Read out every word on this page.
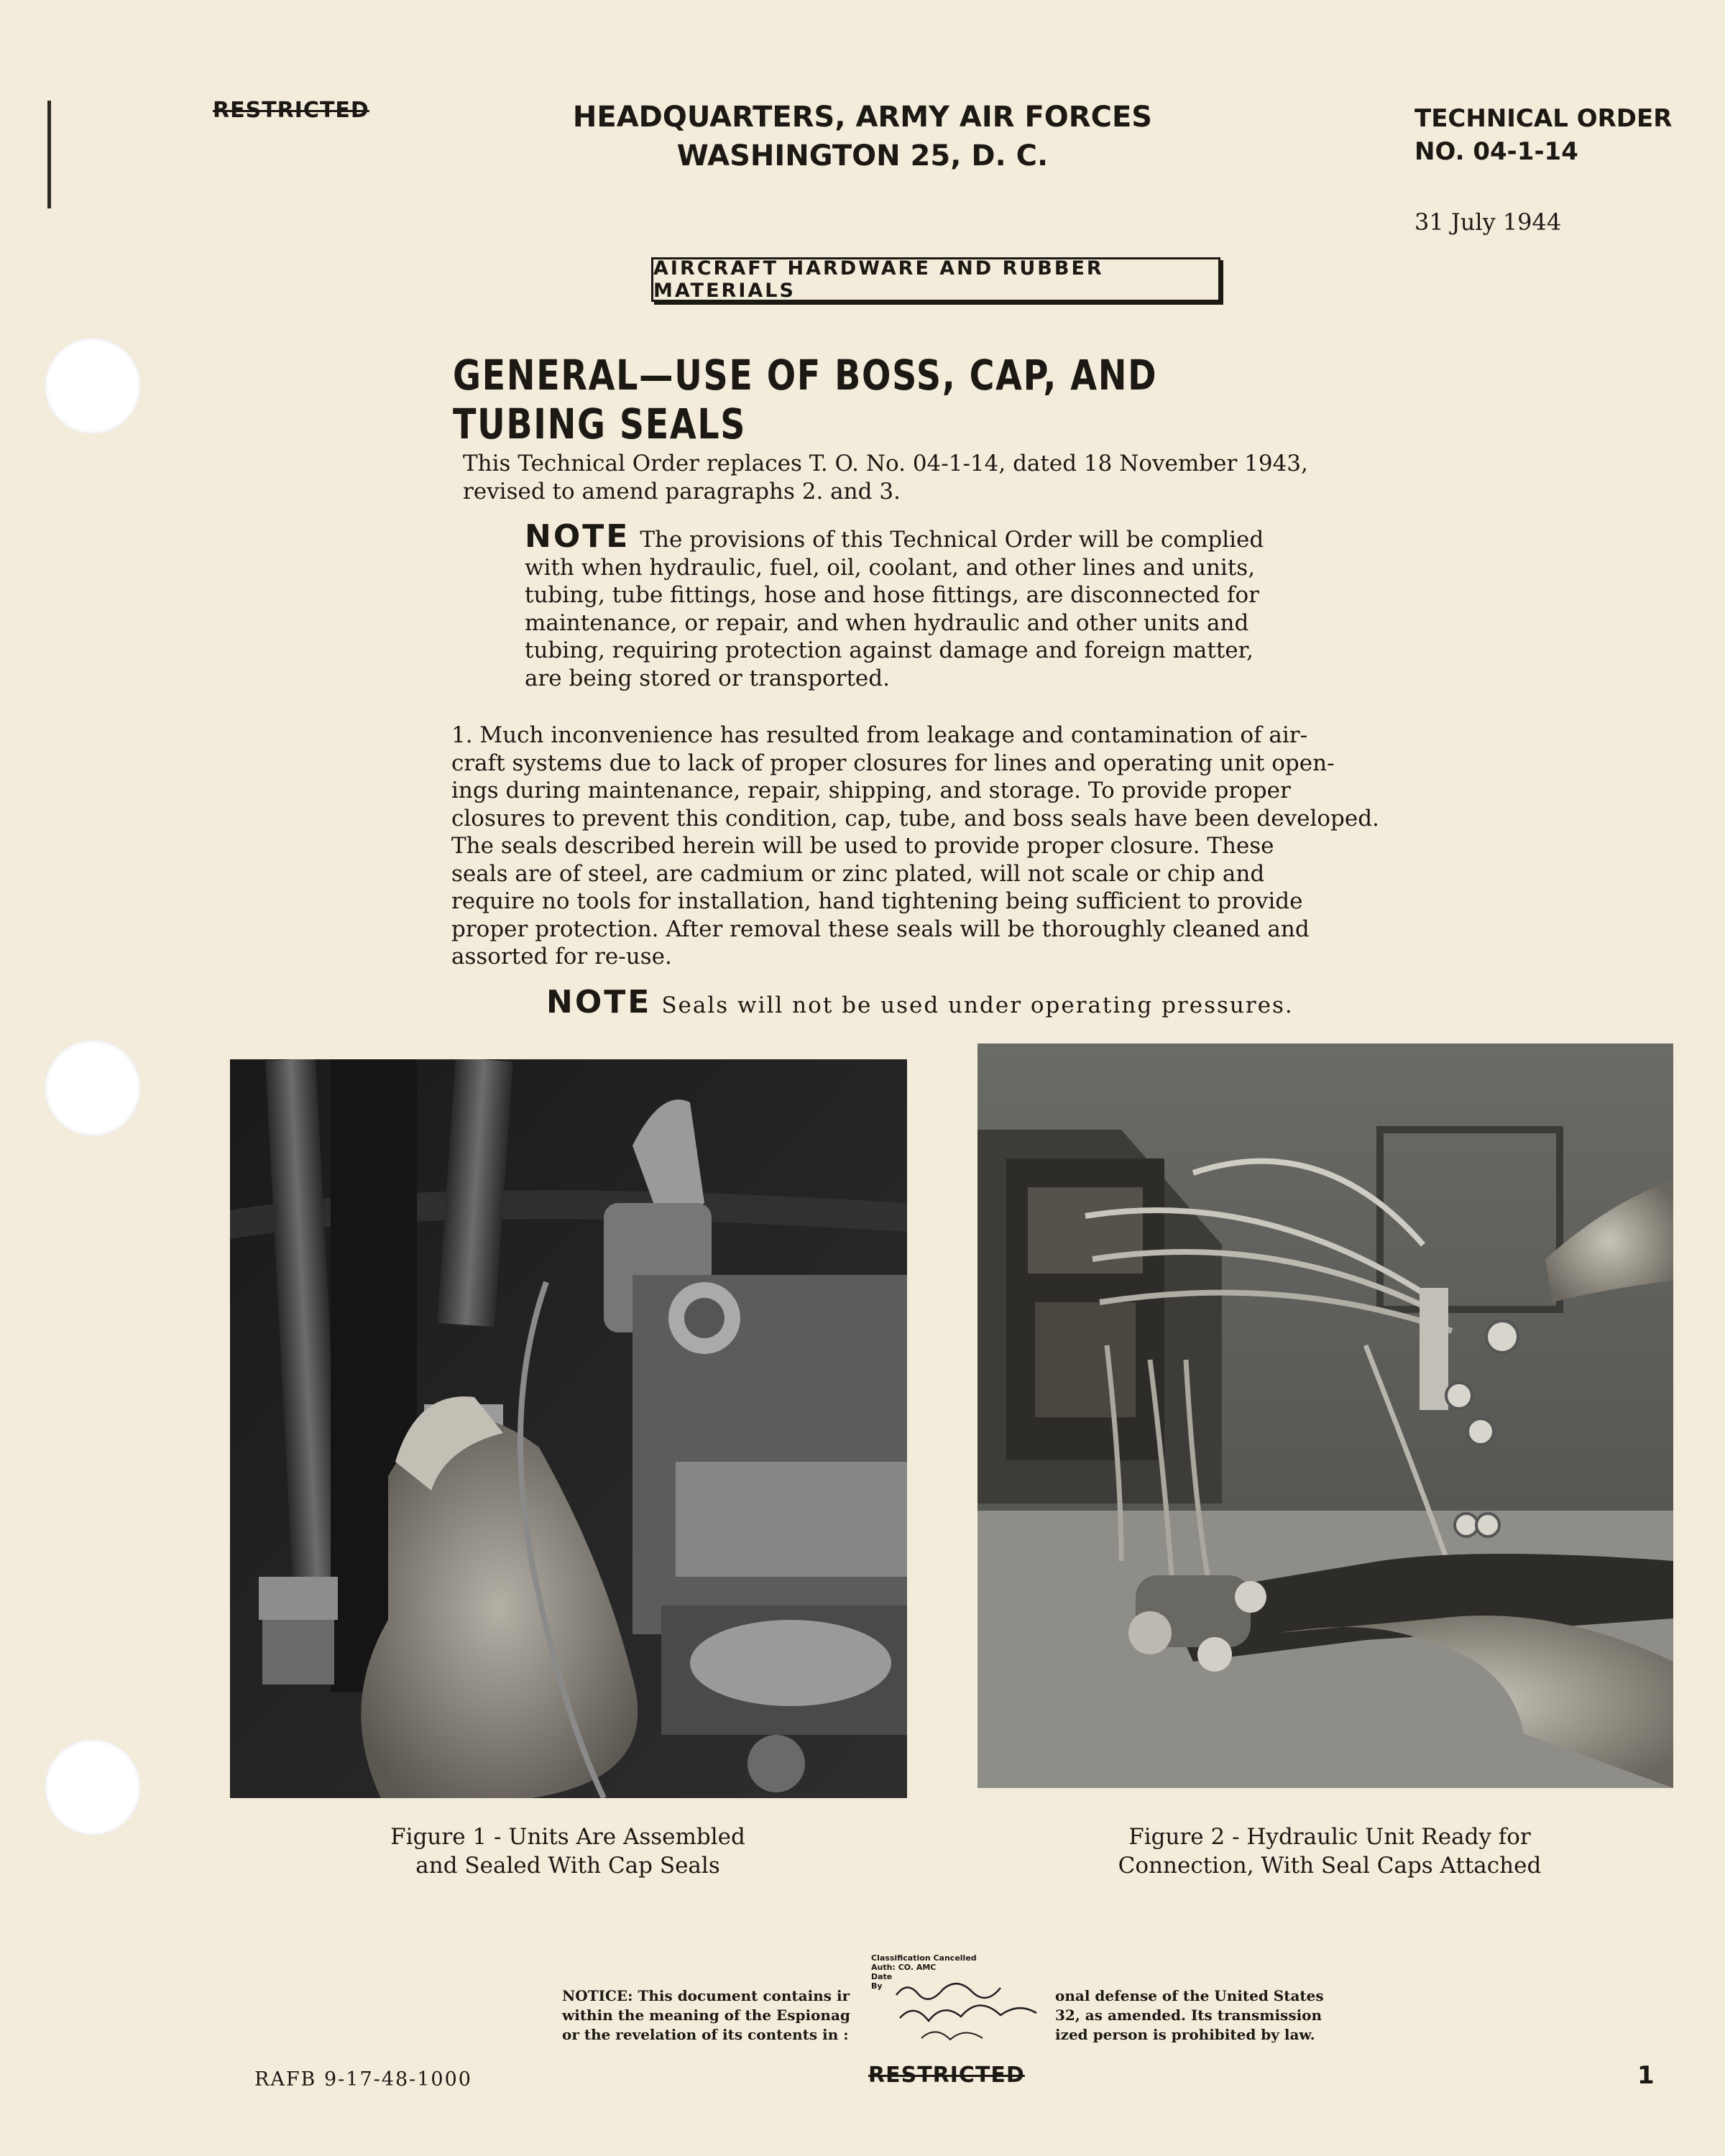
RESTRICTED	HEADQUARTERS, ARMY AIR FORCES
WASHINGTON 25, D. C.
TECHNICAL ORDER
NO. 04-1-14
31 July 1944
AIRCRAFT HARDWARE AND RUBBER MATERIALS
GENERAL—USE OF BOSS, CAP, AND TUBING SEALS
This Technical Order replaces T. O. No. 04-1-14, dated 18 November 1943,
revised to amend paragraphs 2. and 3.
NOTE The provisions of this Technical Order will be complied
with when hydraulic, fuel, oil, coolant, and other lines and units,
tubing, tube fittings, hose and hose fittings, are disconnected for
maintenance, or repair, and when hydraulic and other units and
tubing, requiring protection against damage and foreign matter,
are being stored or transported.
1. Much inconvenience has resulted from leakage and contamination of air-
craft systems due to lack of proper closures for lines and operating unit open-
ings during maintenance, repair, shipping, and storage. To provide proper
closures to prevent this condition, cap, tube, and boss seals have been developed.
The seals described herein will be used to provide proper closure. These
seals are of steel, are cadmium or zinc plated, will not scale or chip and
require no tools for installation, hand tightening being sufficient to provide
proper protection. After removal these seals will be thoroughly cleaned and
assorted for re-use.
NOTE Seals will not be used under operating pressures.
Figure 1 - Units Are Assembled
and Sealed With Cap Seals
Figure 2 - Hydraulic Unit Ready for
Connection, With Seal Caps Attached
NOTICE: This document contains ir
within the meaning of the Espionag
or the revelation of its contents in :
onal defense of the United States
32, as amended. Its transmission
ized person is prohibited by law.
Classification Cancelled
Auth: CO. AMC
Date
By
RAFB 9-17-48-1000	RESTRICTED	1
